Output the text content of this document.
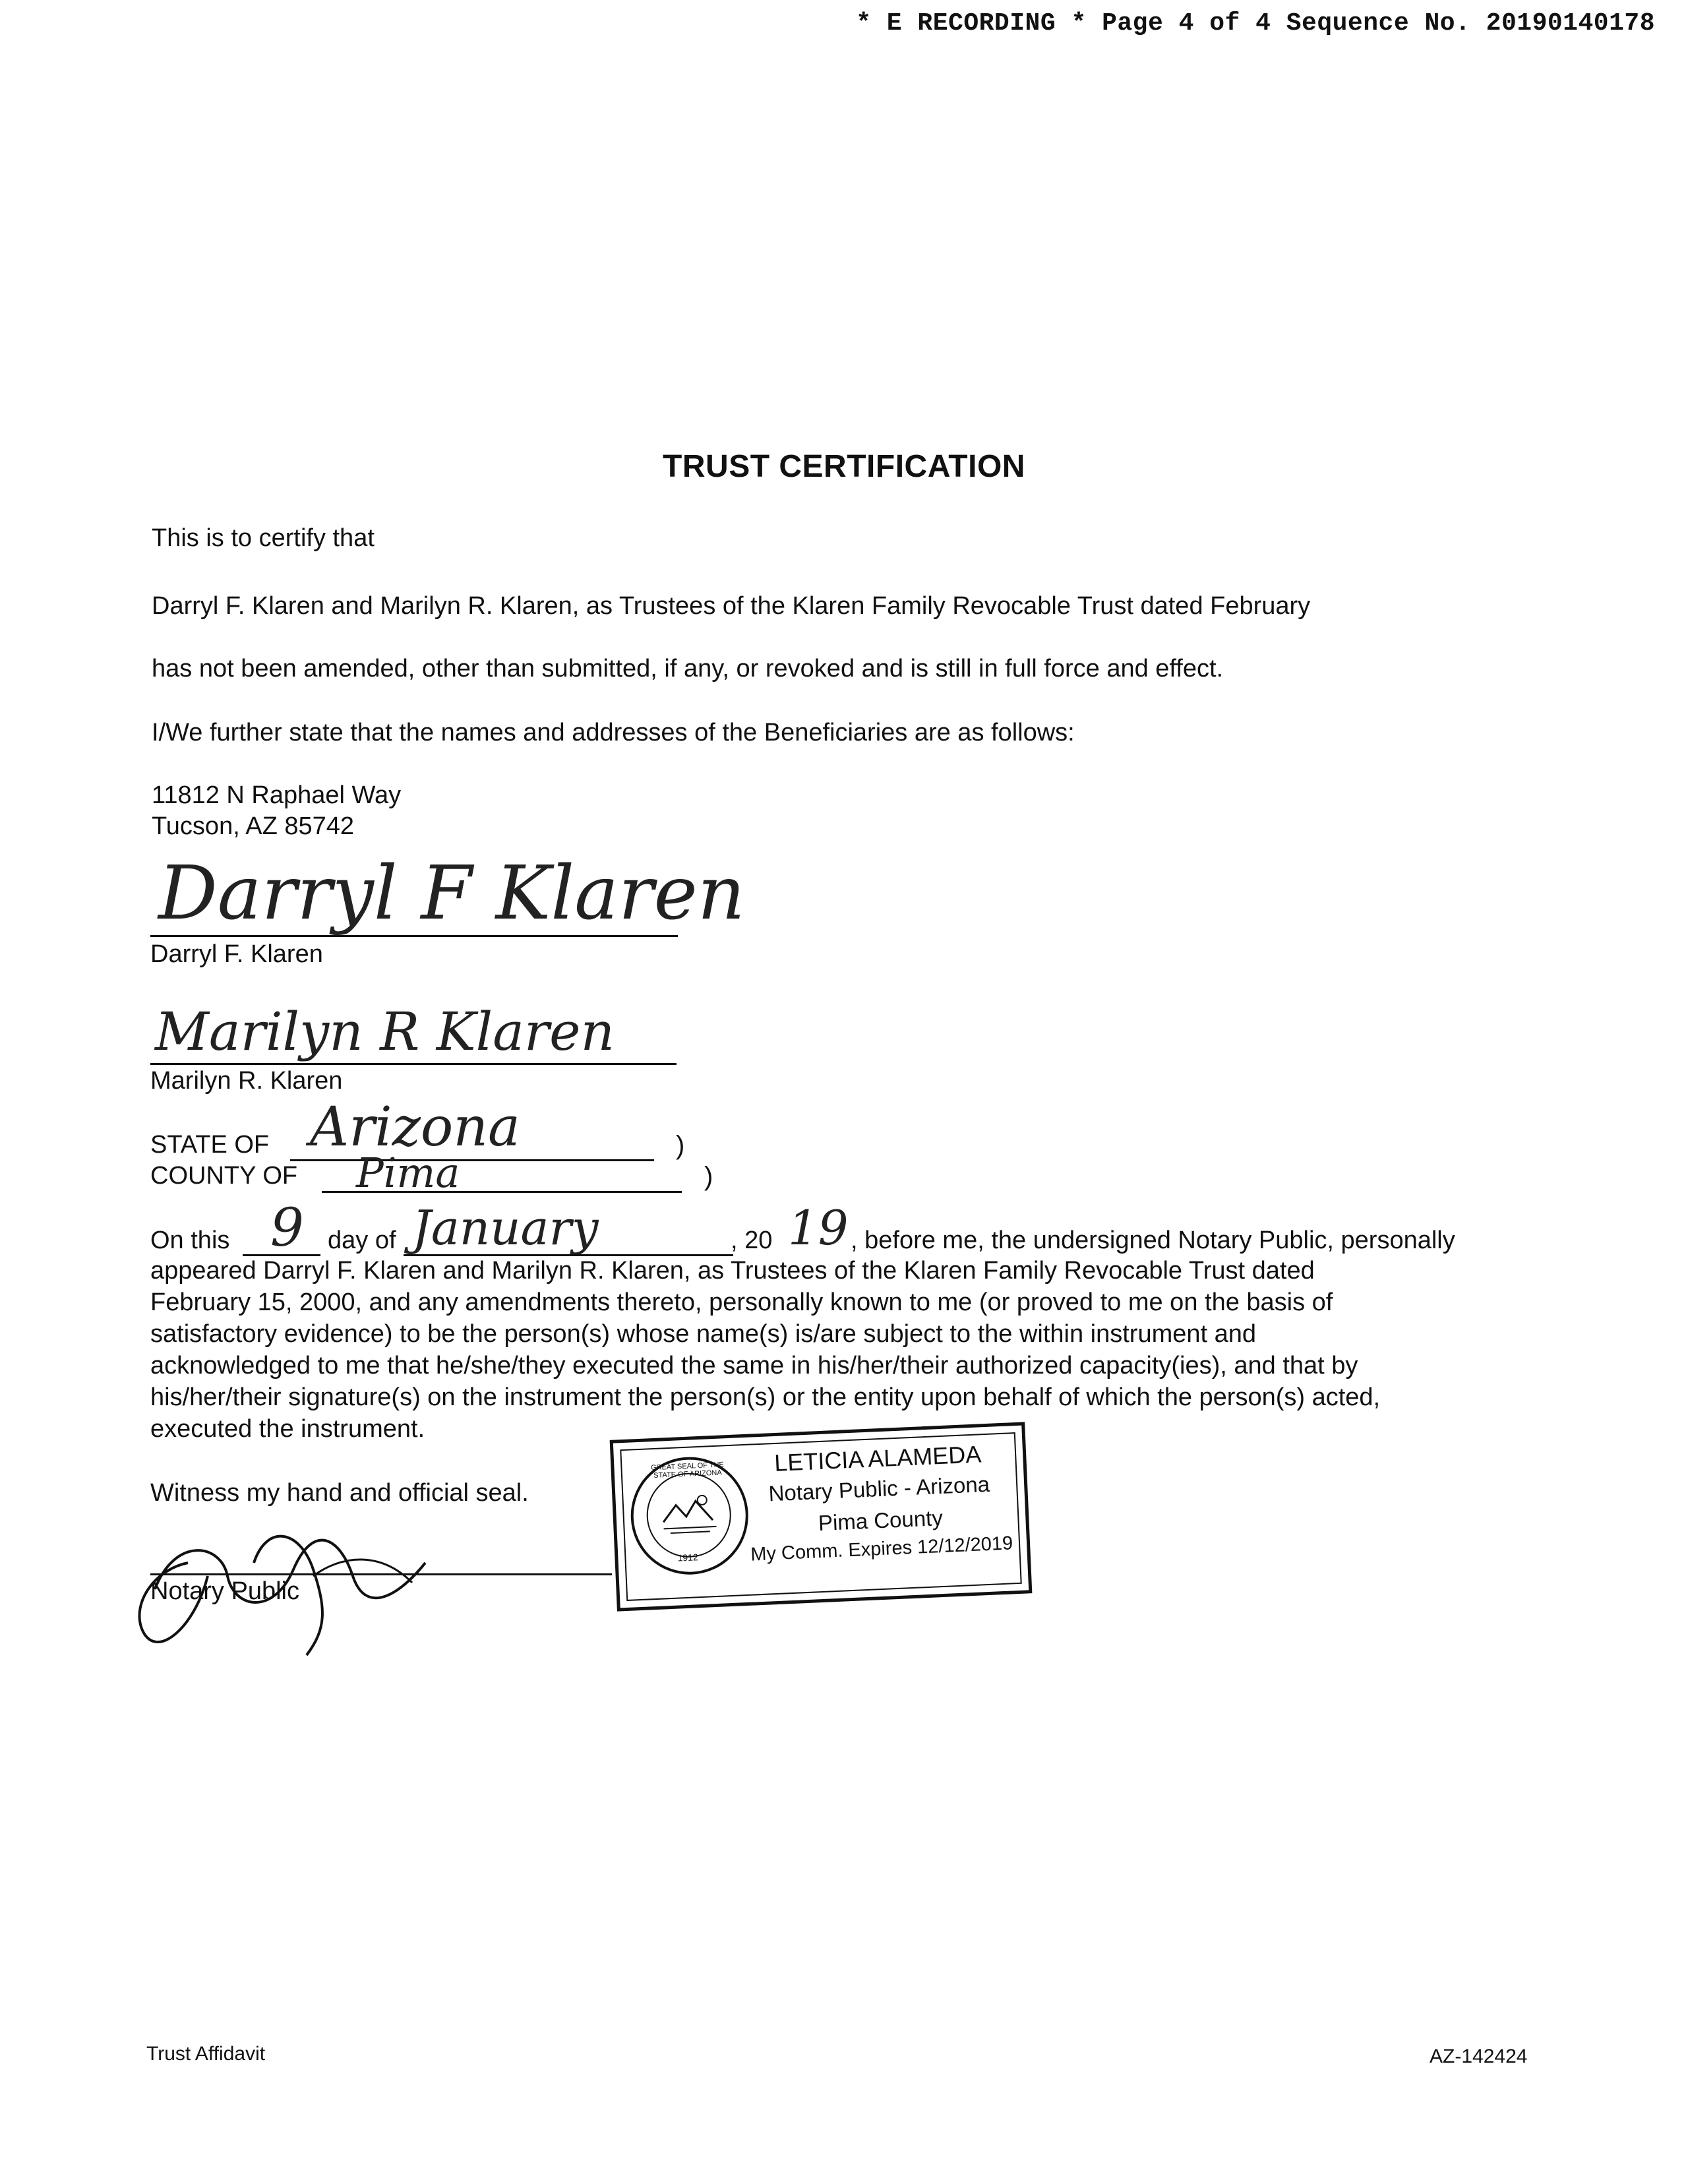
* E RECORDING * Page 4 of 4 Sequence No. 20190140178
TRUST CERTIFICATION
This is to certify that
Darryl F. Klaren and Marilyn R. Klaren, as Trustees of the Klaren Family Revocable Trust dated February
has not been amended, other than submitted, if any, or revoked and is still in full force and effect.
I/We further state that the names and addresses of the Beneficiaries are as follows:
11812 N Raphael Way
Tucson, AZ 85742
Darryl F Klaren
Darryl F. Klaren
Marilyn R Klaren
Marilyn R. Klaren
STATE OF Arizona	)
COUNTY OF Pima	)
On this 9 day of January	, 20 19 , before me, the undersigned Notary Public, personally
appeared Darryl F. Klaren and Marilyn R. Klaren, as Trustees of the Klaren Family Revocable Trust dated
February 15, 2000, and any amendments thereto, personally known to me (or proved to me on the basis of
satisfactory evidence) to be the person(s) whose name(s) is/are subject to the within instrument and
acknowledged to me that he/she/they executed the same in his/her/their authorized capacity(ies), and that by
his/her/their signature(s) on the instrument the person(s) or the entity upon behalf of which the person(s) acted,
executed the instrument.
Witness my hand and official seal.
Notary Public
GREAT SEAL OF THE STATE OF ARIZONA
1912
LETICIA ALAMEDA
Notary Public - Arizona
Pima County
My Comm. Expires 12/12/2019
Trust Affidavit	AZ-142424
